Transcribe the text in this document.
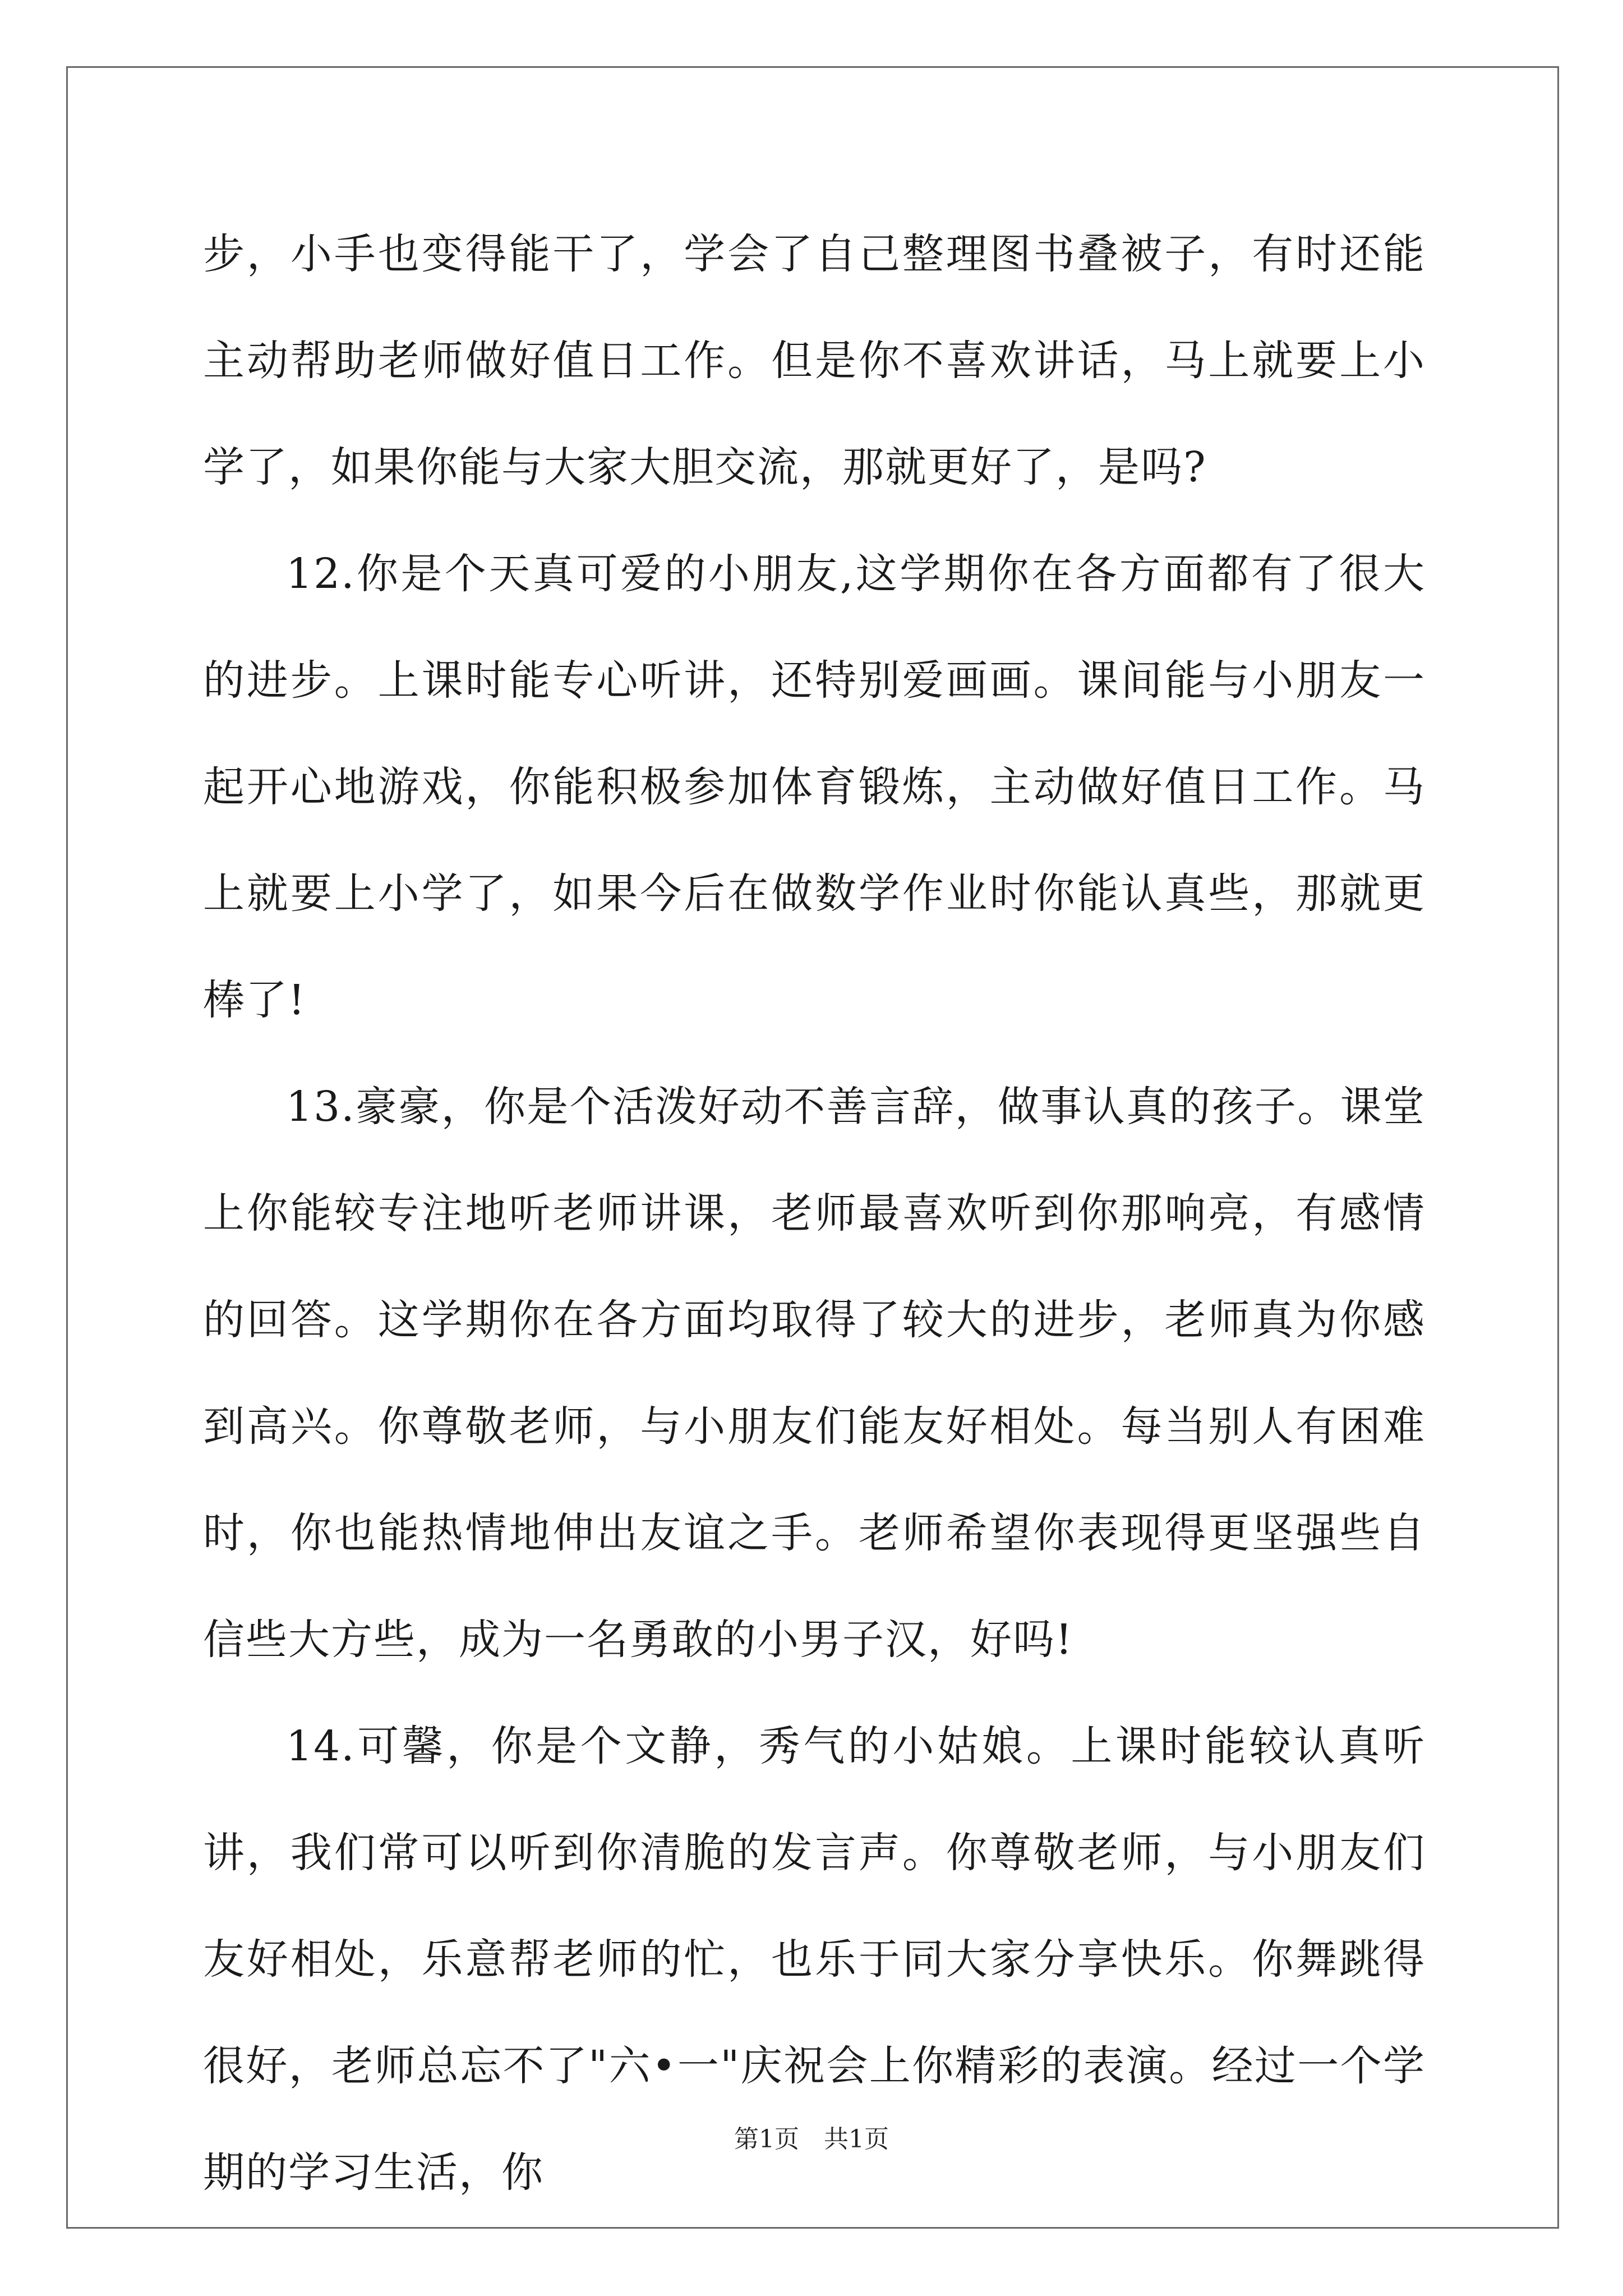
步，小手也变得能干了，学会了自己整理图书叠被子，有时还能主动帮助老师做好值日工作。但是你不喜欢讲话，马上就要上小学了，如果你能与大家大胆交流，那就更好了，是吗?

12.你是个天真可爱的小朋友,这学期你在各方面都有了很大的进步。上课时能专心听讲，还特别爱画画。课间能与小朋友一起开心地游戏，你能积极参加体育锻炼，主动做好值日工作。马上就要上小学了，如果今后在做数学作业时你能认真些，那就更棒了!

13.豪豪，你是个活泼好动不善言辞，做事认真的孩子。课堂上你能较专注地听老师讲课，老师最喜欢听到你那响亮，有感情的回答。这学期你在各方面均取得了较大的进步，老师真为你感到高兴。你尊敬老师，与小朋友们能友好相处。每当别人有困难时，你也能热情地伸出友谊之手。老师希望你表现得更坚强些自信些大方些，成为一名勇敢的小男子汉，好吗!

14.可馨，你是个文静，秀气的小姑娘。上课时能较认真听讲，我们常可以听到你清脆的发言声。你尊敬老师，与小朋友们友好相处，乐意帮老师的忙，也乐于同大家分享快乐。你舞跳得很好，老师总忘不了"六•一"庆祝会上你精彩的表演。经过一个学期的学习生活，你

第1页　共1页
